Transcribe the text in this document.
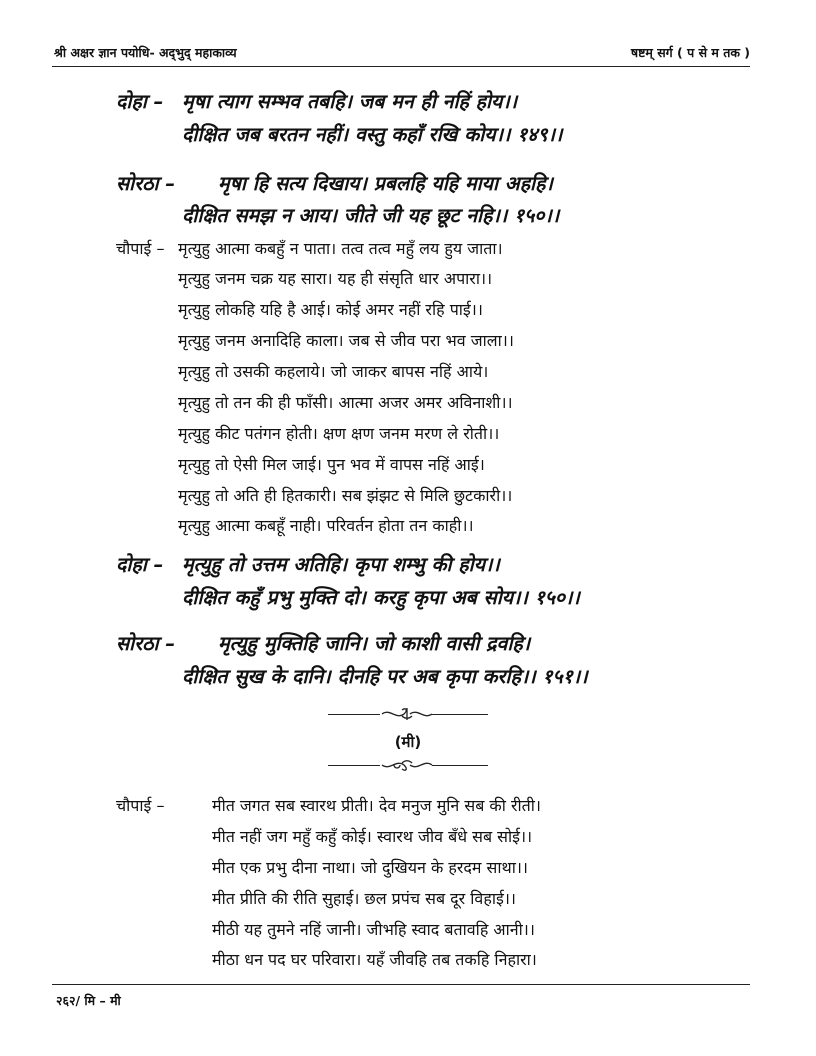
श्री अक्षर ज्ञान पयोधि- अद्‌भुद् महाकाव्य	षष्टम् सर्ग ( प से म तक )
दोहा – मृषा त्याग सम्भव तबहि। जब मन ही नहिं होय।।
दीक्षित जब बरतन नहीं। वस्तु कहाँ रखि कोय।। १४९।।
सोरठा – मृषा हि सत्य दिखाय। प्रबलहि यहि माया अहहि।
दीक्षित समझ न आय। जीते जी यह छूट नहि।। १५०।।
चौपाई – मृत्युहु आत्मा कबहुँ न पाता। तत्व तत्व महुँ लय हुय जाता।
मृत्युहु जनम चक्र यह सारा। यह ही संसृति धार अपारा।।
मृत्युहु लोकहि यहि है आई। कोई अमर नहीं रहि पाई।।
मृत्युहु जनम अनादिहि काला। जब से जीव परा भव जाला।।
मृत्युहु तो उसकी कहलाये। जो जाकर बापस नहिं आये।
मृत्युहु तो तन की ही फाँसी। आत्मा अजर अमर अविनाशी।।
मृत्युहु कीट पतंगन होती। क्षण क्षण जनम मरण ले रोती।।
मृत्युहु तो ऐसी मिल जाई। पुन भव में वापस नहिं आई।
मृत्युहु तो अति ही हितकारी। सब झंझट से मिलि छुटकारी।।
मृत्युहु आत्मा कबहूँ नाही। परिवर्तन होता तन काही।।
दोहा – मृत्युहु तो उत्तम अतिहि। कृपा शम्भु की होय।।
दीक्षित कहुँ प्रभु मुक्ति दो। करहु कृपा अब सोय।। १५०।।
सोरठा – मृत्युहु मुक्तिहि जानि। जो काशी वासी द्रवहि।
दीक्षित सुख के दानि। दीनहि पर अब कृपा करहि।। १५१।।
(मी)
चौपाई –	मीत जगत सब स्वारथ प्रीती। देव मनुज मुनि सब की रीती।
मीत नहीं जग महुँ कहुँ कोई। स्वारथ जीव बँधे सब सोई।।
मीत एक प्रभु दीना नाथा। जो दुखियन के हरदम साथा।।
मीत प्रीति की रीति सुहाई। छल प्रपंच सब दूर विहाई।।
मीठी यह तुमने नहिं जानी। जीभहि स्वाद बतावहि आनी।।
मीठा धन पद घर परिवारा। यहँ जीवहि तब तकहि निहारा।
२६२/ मि – मी
